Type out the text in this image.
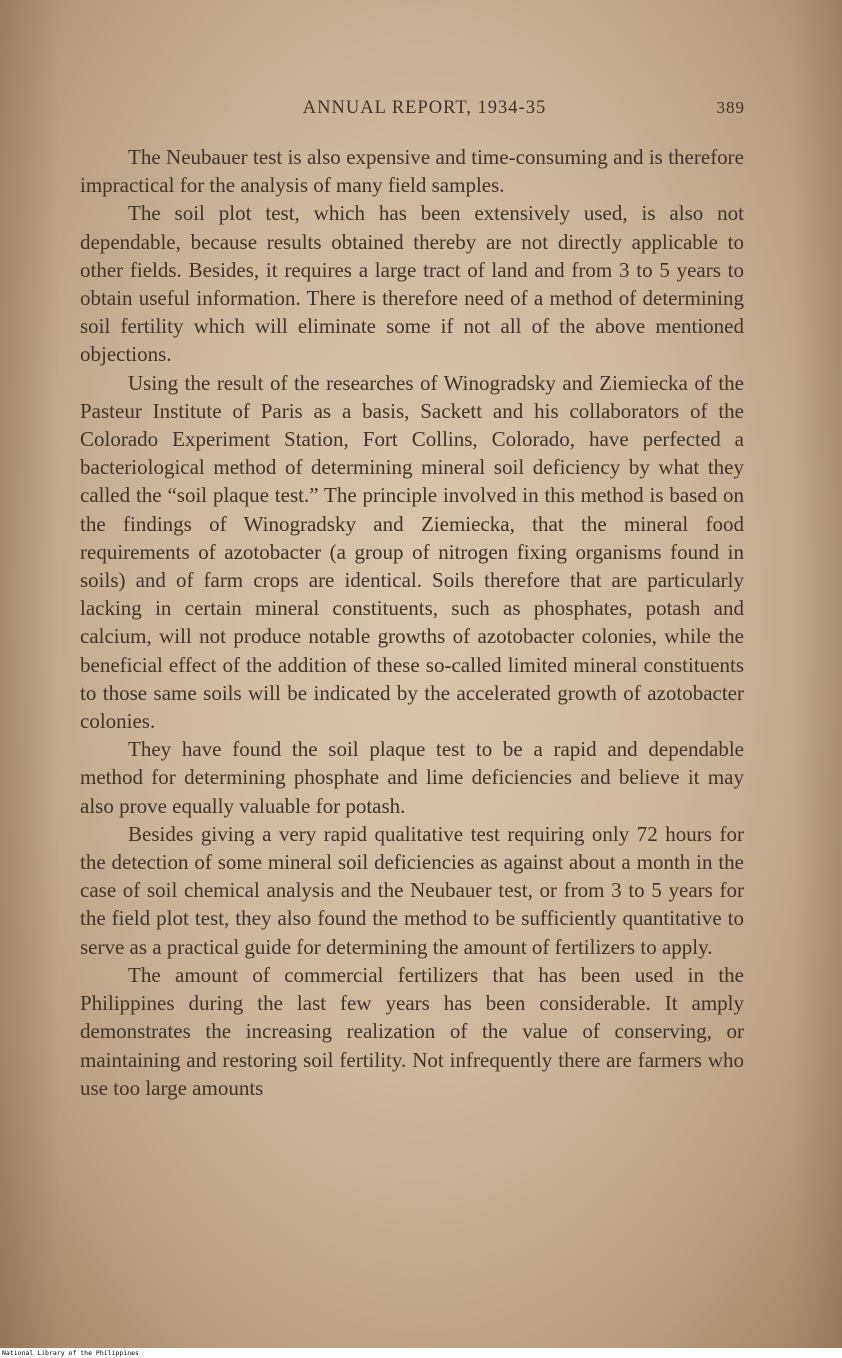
ANNUAL REPORT, 1934-35	389

The Neubauer test is also expensive and time-consuming and is therefore impractical for the analysis of many field samples.

The soil plot test, which has been extensively used, is also not dependable, because results obtained thereby are not directly applicable to other fields. Besides, it requires a large tract of land and from 3 to 5 years to obtain useful information. There is therefore need of a method of determining soil fertility which will eliminate some if not all of the above mentioned objections.

Using the result of the researches of Winogradsky and Ziemiecka of the Pasteur Institute of Paris as a basis, Sackett and his collaborators of the Colorado Experiment Station, Fort Collins, Colorado, have perfected a bacteriological method of determining mineral soil deficiency by what they called the “soil plaque test.” The principle involved in this method is based on the findings of Winogradsky and Ziemiecka, that the mineral food requirements of azotobacter (a group of nitrogen fixing organisms found in soils) and of farm crops are identical. Soils therefore that are particularly lacking in certain mineral constituents, such as phosphates, potash and calcium, will not produce notable growths of azotobacter colonies, while the beneficial effect of the addition of these so-called limited mineral constituents to those same soils will be indicated by the accelerated growth of azotobacter colonies.

They have found the soil plaque test to be a rapid and dependable method for determining phosphate and lime deficiencies and believe it may also prove equally valuable for potash.

Besides giving a very rapid qualitative test requiring only 72 hours for the detection of some mineral soil deficiencies as against about a month in the case of soil chemical analysis and the Neubauer test, or from 3 to 5 years for the field plot test, they also found the method to be sufficiently quantitative to serve as a practical guide for determining the amount of fertilizers to apply.

The amount of commercial fertilizers that has been used in the Philippines during the last few years has been considerable. It amply demonstrates the increasing realization of the value of conserving, or maintaining and restoring soil fertility. Not infrequently there are farmers who use too large amounts

National Library of the Philippines
